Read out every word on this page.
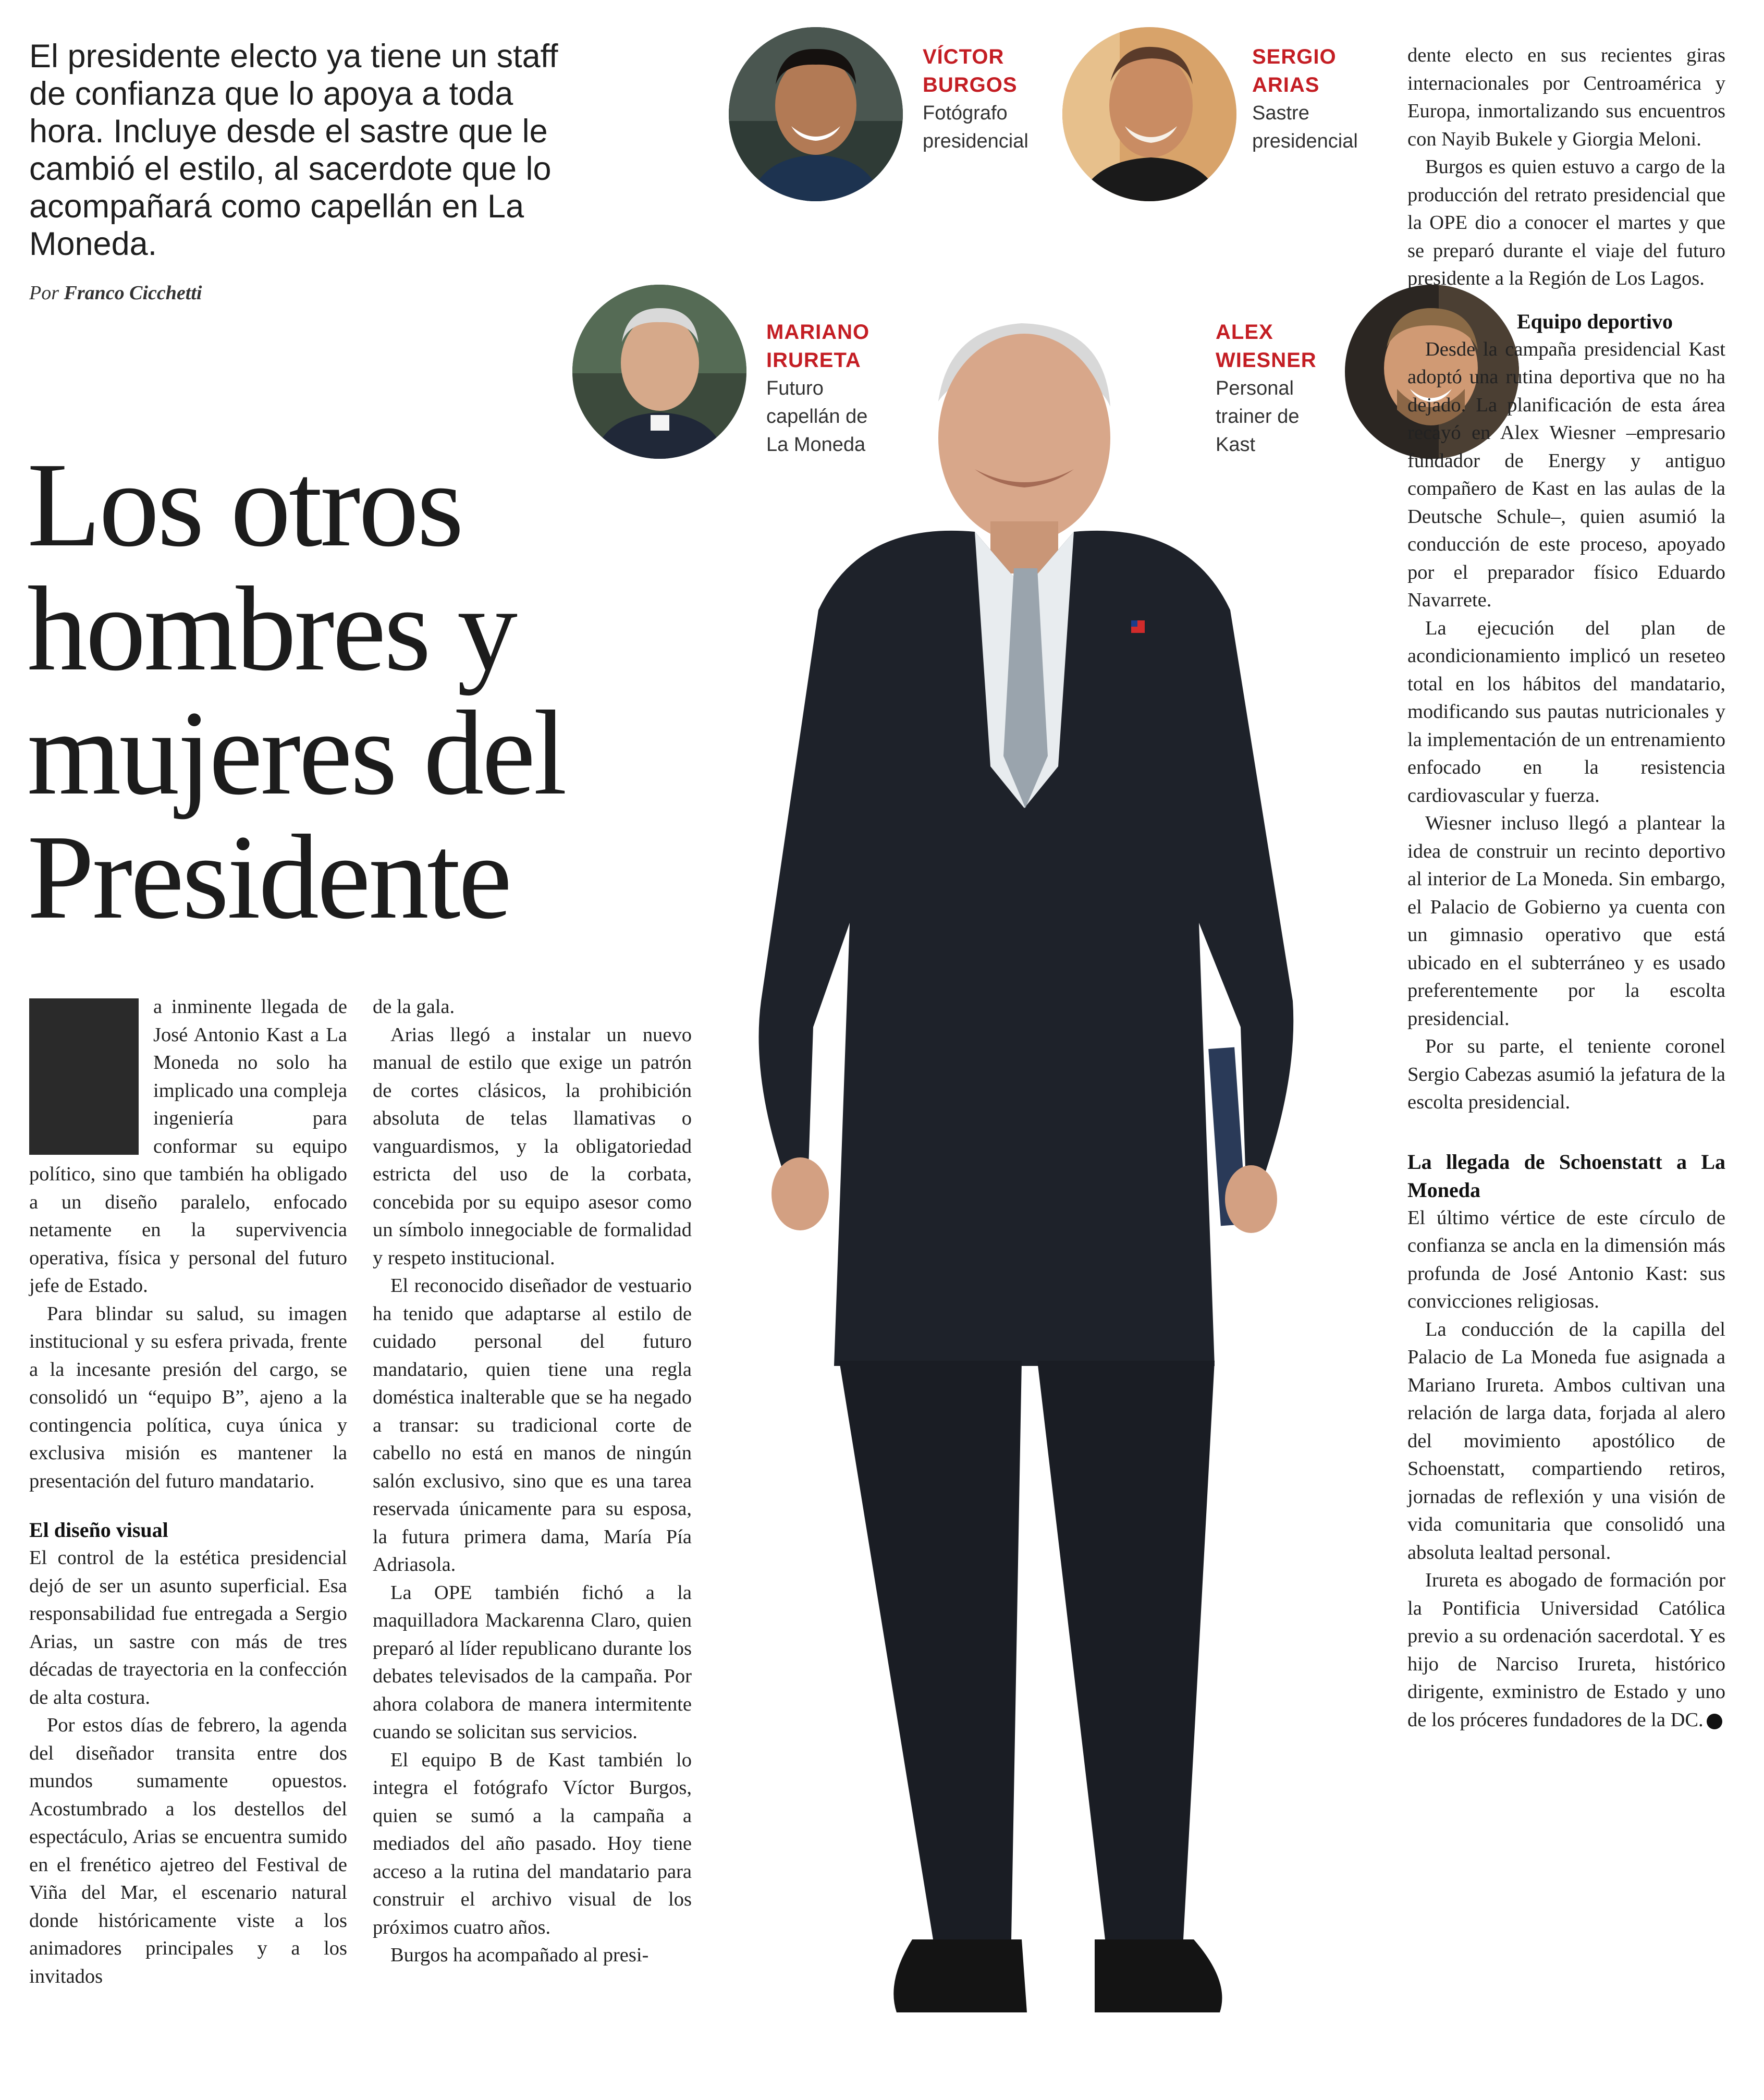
El presidente electo ya tiene un staff de confianza que lo apoya a toda hora. Incluye desde el sastre que le cambió el estilo, al sacerdote que lo acompañará como capellán en La Moneda.
Por Franco Cicchetti
Los otros
hombres y
mujeres del
Presidente
VÍCTOR
BURGOS
Fotógrafo
presidencial
SERGIO
ARIAS
Sastre
presidencial
MARIANO
IRURETA
Futuro
capellán de
La Moneda
ALEX
WIESNER
Personal
trainer de
Kast

a inminente llegada de José Antonio Kast a La Moneda no solo ha implicado una compleja ingeniería para conformar su equipo político, sino que también ha obligado a un diseño paralelo, enfocado netamente en la supervivencia operativa, física y personal del futuro jefe de Estado.

Para blindar su salud, su imagen institucional y su esfera privada, frente a la incesante presión del cargo, se consolidó un “equipo B”, ajeno a la contingencia política, cuya única y exclusiva misión es mantener la presentación del futuro mandatario.

El diseño visual

El control de la estética presidencial dejó de ser un asunto superficial. Esa responsabilidad fue entregada a Sergio Arias, un sastre con más de tres décadas de trayectoria en la confección de alta costura.

Por estos días de febrero, la agenda del diseñador transita entre dos mundos sumamente opuestos. Acostumbrado a los destellos del espectáculo, Arias se encuentra sumido en el frenético ajetreo del Festival de Viña del Mar, el escenario natural donde históricamente viste a los animadores principales y a los invitados

de la gala.

Arias llegó a instalar un nuevo manual de estilo que exige un patrón de cortes clásicos, la prohibición absoluta de telas llamativas o vanguardismos, y la obligatoriedad estricta del uso de la corbata, concebida por su equipo asesor como un símbolo innegociable de formalidad y respeto institucional.

El reconocido diseñador de vestuario ha tenido que adaptarse al estilo de cuidado personal del futuro mandatario, quien tiene una regla doméstica inalterable que se ha negado a transar: su tradicional corte de cabello no está en manos de ningún salón exclusivo, sino que es una tarea reservada únicamente para su esposa, la futura primera dama, María Pía Adriasola.

La OPE también fichó a la maquilladora Mackarenna Claro, quien preparó al líder republicano durante los debates televisados de la campaña. Por ahora colabora de manera intermitente cuando se solicitan sus servicios.

El equipo B de Kast también lo integra el fotógrafo Víctor Burgos, quien se sumó a la campaña a mediados del año pasado. Hoy tiene acceso a la rutina del mandatario para construir el archivo visual de los próximos cuatro años.

Burgos ha acompañado al presi-

dente electo en sus recientes giras internacionales por Centroamérica y Europa, inmortalizando sus encuentros con Nayib Bukele y Giorgia Meloni.

Burgos es quien estuvo a cargo de la producción del retrato presidencial que la OPE dio a conocer el martes y que se preparó durante el viaje del futuro presidente a la Región de Los Lagos.

Equipo deportivo

Desde la campaña presidencial Kast adoptó una rutina deportiva que no ha dejado. La planificación de esta área recayó en Alex Wiesner –empresario fundador de Energy y antiguo compañero de Kast en las aulas de la Deutsche Schule–, quien asumió la conducción de este proceso, apoyado por el preparador físico Eduardo Navarrete.

La ejecución del plan de acondicionamiento implicó un reseteo total en los hábitos del mandatario, modificando sus pautas nutricionales y la implementación de un entrenamiento enfocado en la resistencia cardiovascular y fuerza.

Wiesner incluso llegó a plantear la idea de construir un recinto deportivo al interior de La Moneda. Sin embargo, el Palacio de Gobierno ya cuenta con un gimnasio operativo que está ubicado en el subterráneo y es usado preferentemente por la escolta presidencial.

Por su parte, el teniente coronel Sergio Cabezas asumió la jefatura de la escolta presidencial.

La llegada de Schoenstatt a La Moneda

El último vértice de este círculo de confianza se ancla en la dimensión más profunda de José Antonio Kast: sus convicciones religiosas.

La conducción de la capilla del Palacio de La Moneda fue asignada a Mariano Irureta. Ambos cultivan una relación de larga data, forjada al alero del movimiento apostólico de Schoenstatt, compartiendo retiros, jornadas de reflexión y una visión de vida comunitaria que consolidó una absoluta lealtad personal.

Irureta es abogado de formación por la Pontificia Universidad Católica previo a su ordenación sacerdotal. Y es hijo de Narciso Irureta, histórico dirigente, exministro de Estado y uno de los próceres fundadores de la DC.
